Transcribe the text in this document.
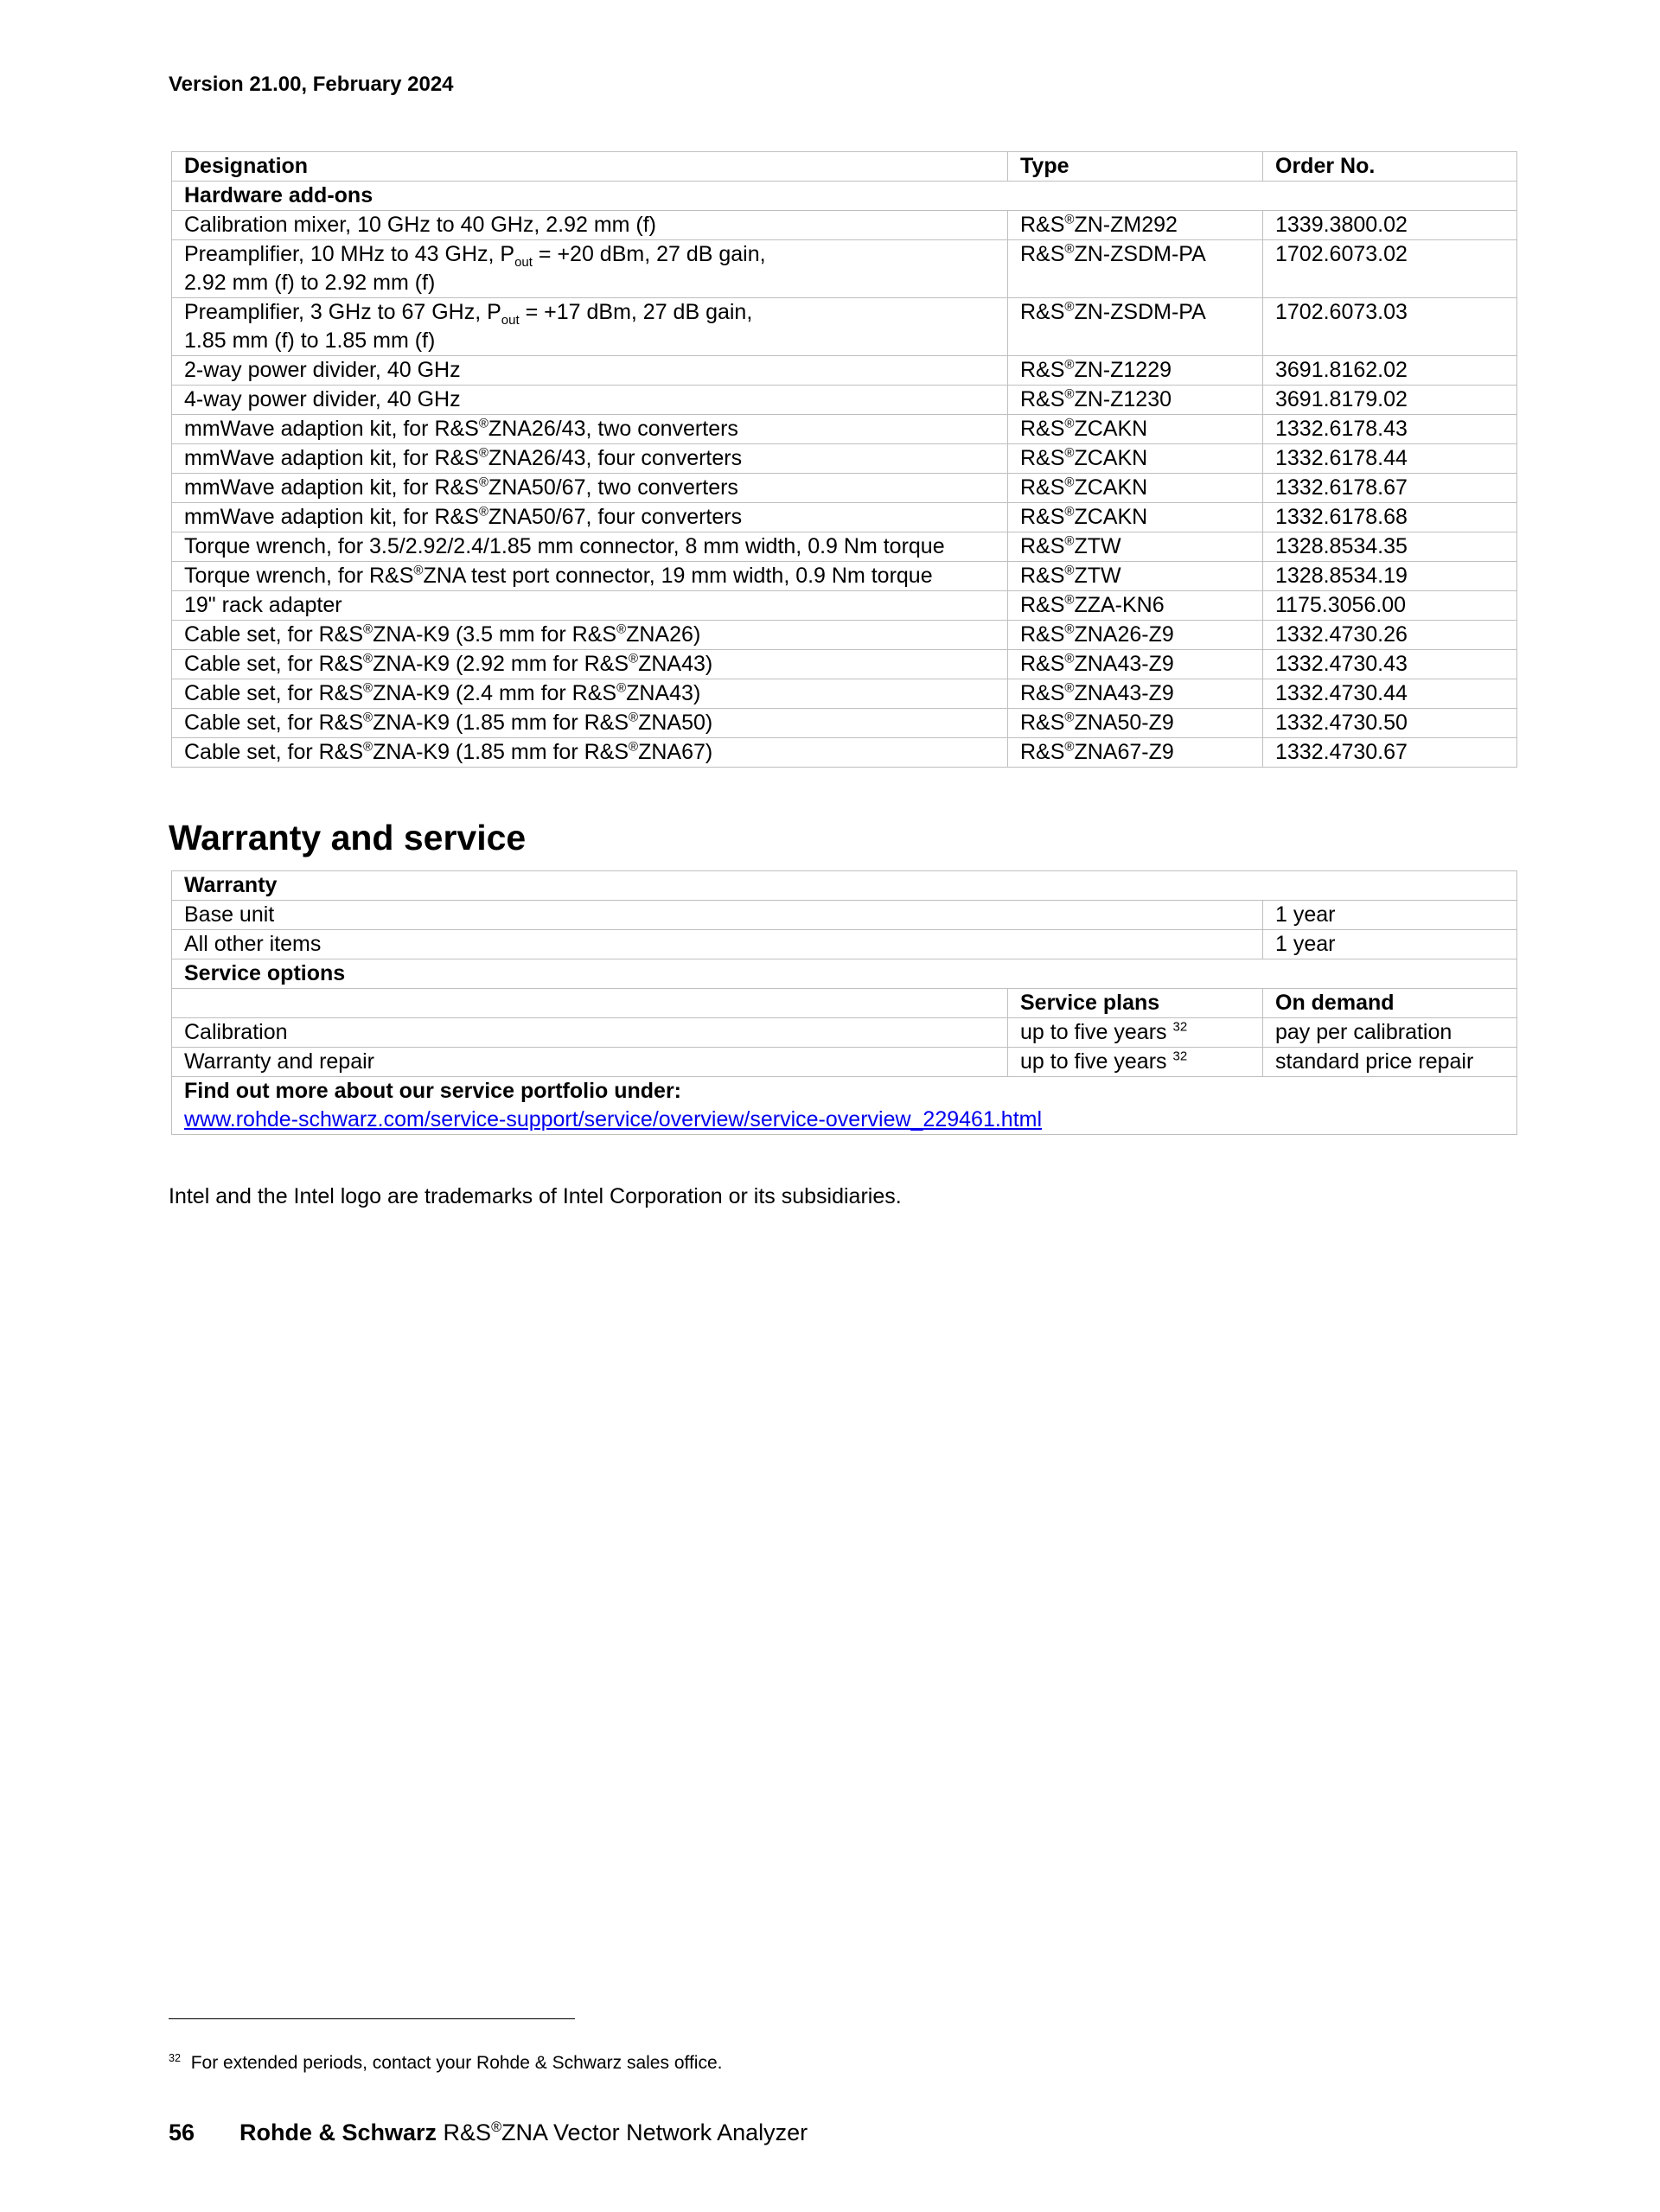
Version 21.00, February 2024
Designation	Type	Order No.
Hardware add-ons		
Calibration mixer, 10 GHz to 40 GHz, 2.92 mm (f)	R&S®ZN-ZM292	1339.3800.02
Preamplifier, 10 MHz to 43 GHz, $P_{out} = +20$ dBm, 27 dB gain,
2.92 mm (f) to 2.92 mm (f)	R&S®ZN-ZSDM-PA	1702.6073.02
Preamplifier, 3 GHz to 67 GHz, $P_{out} = +17$ dBm, 27 dB gain,
1.85 mm (f) to 1.85 mm (f)	R&S®ZN-ZSDM-PA	1702.6073.03
2-way power divider, 40 GHz	R&S®ZN-Z1229	3691.8162.02
4-way power divider, 40 GHz	R&S®ZN-Z1230	3691.8179.02
mmWave adaption kit, for R&S®ZNA26/43, two converters	R&S®ZCAKN	1332.6178.43
mmWave adaption kit, for R&S®ZNA26/43, four converters	R&S®ZCAKN	1332.6178.44
mmWave adaption kit, for R&S®ZNA50/67, two converters	R&S®ZCAKN	1332.6178.67
mmWave adaption kit, for R&S®ZNA50/67, four converters	R&S®ZCAKN	1332.6178.68
Torque wrench, for 3.5/2.92/2.4/1.85 mm connector, 8 mm width, 0.9 Nm torque	R&S®ZTW	1328.8534.35
Torque wrench, for R&S®ZNA test port connector, 19 mm width, 0.9 Nm torque	R&S®ZTW	1328.8534.19
19" rack adapter	R&S®ZZA-KN6	1175.3056.00
Cable set, for R&S®ZNA-K9 (3.5 mm for R&S®ZNA26)	R&S®ZNA26-Z9	1332.4730.26
Cable set, for R&S®ZNA-K9 (2.92 mm for R&S®ZNA43)	R&S®ZNA43-Z9	1332.4730.43
Cable set, for R&S®ZNA-K9 (2.4 mm for R&S®ZNA43)	R&S®ZNA43-Z9	1332.4730.44
Cable set, for R&S®ZNA-K9 (1.85 mm for R&S®ZNA50)	R&S®ZNA50-Z9	1332.4730.50
Cable set, for R&S®ZNA-K9 (1.85 mm for R&S®ZNA67)	R&S®ZNA67-Z9	1332.4730.67
Warranty and service
Warranty		
Base unit		1 year
All other items		1 year
Service options		
	Service plans	On demand
Calibration	up to five years $^{32}$	pay per calibration
Warranty and repair	up to five years $^{32}$	standard price repair

Find out more about our service portfolio under:
www.rohde-schwarz.com/service-support/service/overview/service-overview_229461.html		
Intel and the Intel logo are trademarks of Intel Corporation or its subsidiaries.
$^{32}$ For extended periods, contact your Rohde & Schwarz sales office.
56 Rohde & Schwarz R&S®ZNA Vector Network Analyzer
